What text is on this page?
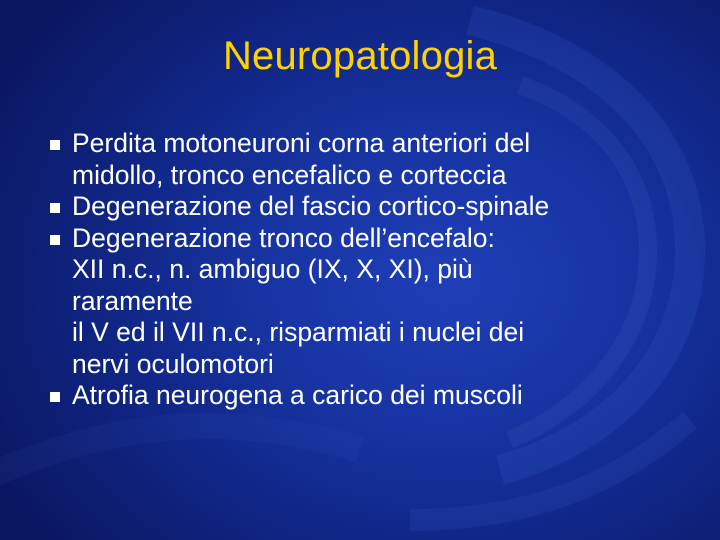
Neuropatologia
Perdita motoneuroni corna anteriori del
midollo, tronco encefalico e corteccia
Degenerazione del fascio cortico-spinale
Degenerazione tronco dell’encefalo:
XII n.c., n. ambiguo (IX, X, XI), più
raramente
il V ed il VII n.c., risparmiati i nuclei dei
nervi oculomotori
Atrofia neurogena a carico dei muscoli
